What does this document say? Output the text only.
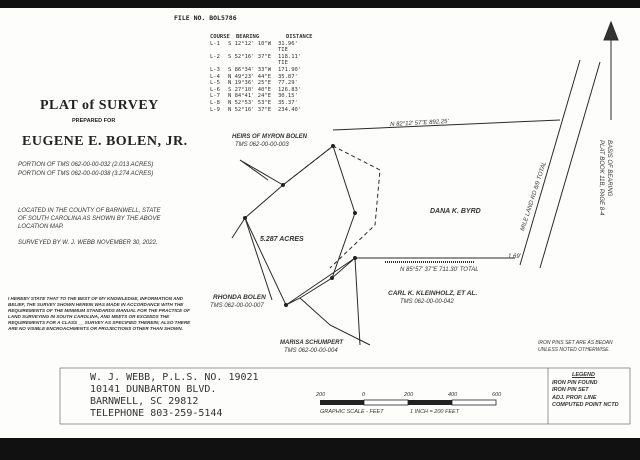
FILE NO. BOL5786
PLAT of SURVEY
PREPARED FOR
EUGENE E. BOLEN, JR.
PORTION OF TMS 062-00-00-032 (2.013 ACRES)
PORTION OF TMS 062-00-00-038 (3.274 ACRES)
LOCATED IN THE COUNTY OF BARNWELL, STATE
OF SOUTH CAROLINA AS SHOWN BY THE ABOVE
LOCATION MAP.
SURVEYED BY W. J. WEBB NOVEMBER 30, 2022.
COURSE	BEARING	DISTANCE
L-1	S 12°12' 10"W	31.96' TIE
L-2	S 52°16' 37"E	118.11' TIE
L-3	S 86°34' 33"W	171.90'
L-4	N 49°23' 44"E	35.87'
L-5	N 19°36' 25"E	77.29'
L-6	S 27°10' 40"E	126.83'
L-7	N 84°41' 24"E	30.15'
L-8	N 52°53' 53"E	35.37'
L-9	N 52°16' 37"E	234.40'
HEIRS OF MYRON BOLEN
TMS 062-00-00-003
DANA K. BYRD
RHONDA BOLEN
TMS 062-00-00-007
MARISA SCHUMPERT
TMS 062-00-00-004
CARL K. KLEINHOLZ, ET AL.
TMS 062-00-00-042
5.287 ACRES
N 82°12' 57"E 892.25'
N 85°57' 37"E 711.30' TOTAL
1.69'
MILE LAND RD 8/9 TOTAL	BASIS OF BEARING
PLAT BOOK 11B, PAGE 8-4
IRON PINS SET ARE AS BEDAN
UNLESS NOTED OTHERWISE.
I HEREBY STATE THAT TO THE BEST OF MY KNOWLEDGE, INFORMATION AND BELIEF, THE SURVEY SHOWN HEREIN WAS MADE IN ACCORDANCE WITH THE REQUIREMENTS OF THE MINIMUM STANDARDS MANUAL FOR THE PRACTICE OF LAND SURVEYING IN SOUTH CAROLINA, AND MEETS OR EXCEEDS THE REQUIREMENTS FOR A CLASS __ SURVEY AS SPECIFIED THEREIN; ALSO THERE ARE NO VISIBLE ENCROACHMENTS OR PROJECTIONS OTHER THAN SHOWN.
W. J. WEBB, P.L.S. NO. 19021
10141 DUNBARTON BLVD.
BARNWELL, SC 29812
TELEPHONE 803-259-5144
200	0	200	400	600
GRAPHIC SCALE - FEET	1 INCH = 200 FEET
LEGEND
IRON PIN FOUND
IRON PIN SET
ADJ. PROP. LINE
COMPUTED POINT NCTD
